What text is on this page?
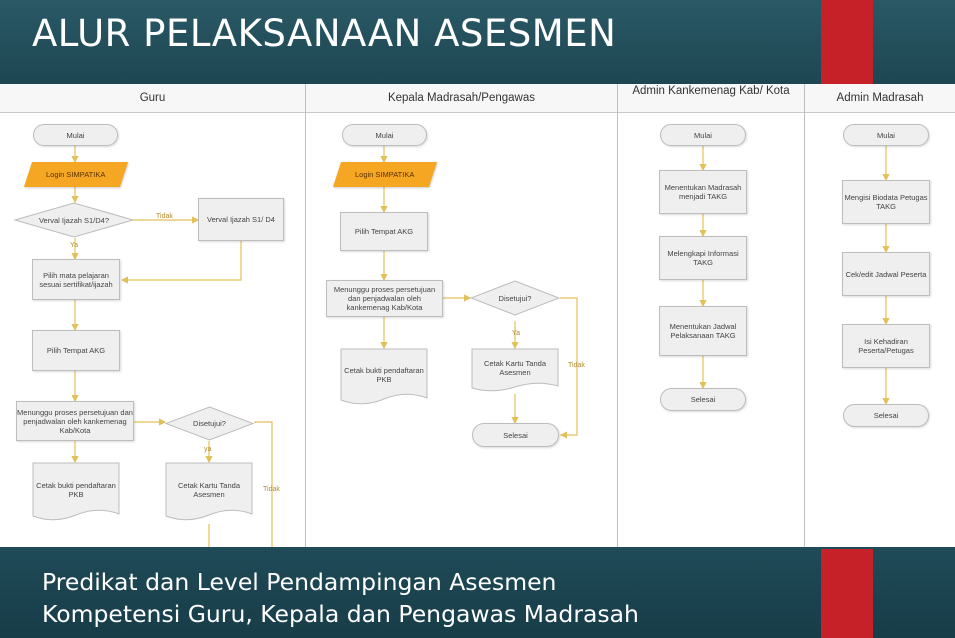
ALUR PELAKSANAAN ASESMEN
Guru	Kepala Madrasah/Pengawas
Admin Kankemenag Kab/ Kota
Admin Madrasah
Mulai
Login SIMPATIKA
Verval Ijazah S1/D4?	Tidak	Verval Ijazah S1/ D4
Ya
Pilih mata pelajaran sesuai sertifikat/ijazah
Pilih Tempat AKG
Menunggu proses persetujuan dan penjadwalan oleh kankemenag Kab/Kota
Disetujui?
ya
Tidak
Cetak bukti pendaftaran PKB
Cetak Kartu Tanda Asesmen
Mulai
Login SIMPATIKA
Pilih Tempat AKG
Menunggu proses persetujuan dan penjadwalan oleh kankemenag Kab/Kota
Disetujui?
Ya
Tidak
Cetak bukti pendaftaran PKB
Cetak Kartu Tanda Asesmen
Selesai
Mulai
Menentukan Madrasah menjadi TAKG
Melengkapi Informasi TAKG
Menentukan Jadwal Pelaksanaan TAKG
Selesai
Mulai
Mengisi Biodata Petugas TAKG
Cek/edit Jadwal Peserta
Isi Kehadiran Peserta/Petugas
Selesai
Predikat dan Level Pendampingan Asesmen
Kompetensi Guru, Kepala dan Pengawas Madrasah
